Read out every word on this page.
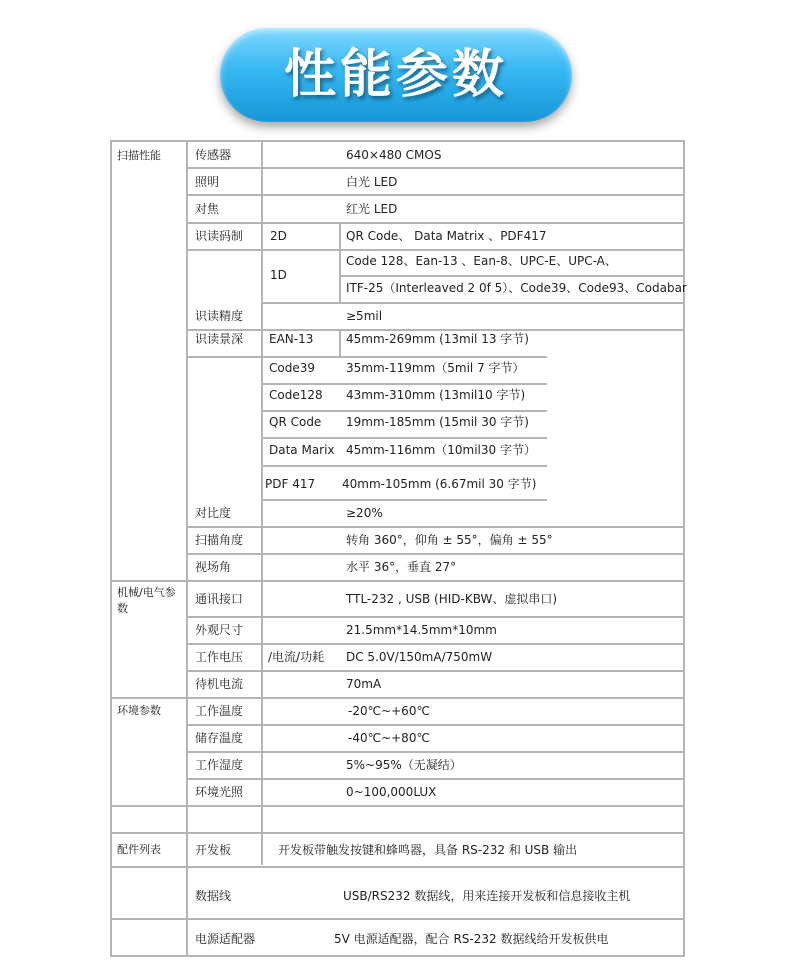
性能参数
扫描性能
机械/电气参数
环境参数
配件列表
传感器
照明
对焦
识读码制
识读精度
识读景深
对比度
扫描角度
视场角
通讯接口
外观尺寸
工作电压
待机电流
工作温度
储存温度
工作湿度
环境光照
开发板
数据线
电源适配器
2D
1D
/电流/功耗
EAN-13
Code39
Code128
QR Code
Data Marix
PDF 417
640×480 CMOS
白光 LED
红光 LED
QR Code、 Data Matrix 、PDF417
Code 128、Ean-13 、Ean-8、UPC-E、UPC-A、
ITF-25（Interleaved 2 0f 5）、Code39、Code93、Codabar
≥5mil
45mm-269mm (13mil 13 字节)
35mm-119mm（5mil 7 字节）
43mm-310mm (13mil10 字节)
19mm-185mm (15mil 30 字节)
45mm-116mm（10mil30 字节）
40mm-105mm (6.67mil 30 字节)
≥20%
转角 360°，仰角 ± 55°，偏角 ± 55°
水平 36°，垂直 27°
TTL-232 , USB (HID-KBW、虚拟串口)
21.5mm*14.5mm*10mm
DC 5.0V/150mA/750mW
70mA
-20℃~+60℃
-40℃~+80℃
5%~95%（无凝结）
0~100,000LUX
开发板带触发按键和蜂鸣器，具备 RS-232 和 USB 输出
USB/RS232 数据线，用来连接开发板和信息接收主机
5V 电源适配器，配合 RS-232 数据线给开发板供电
